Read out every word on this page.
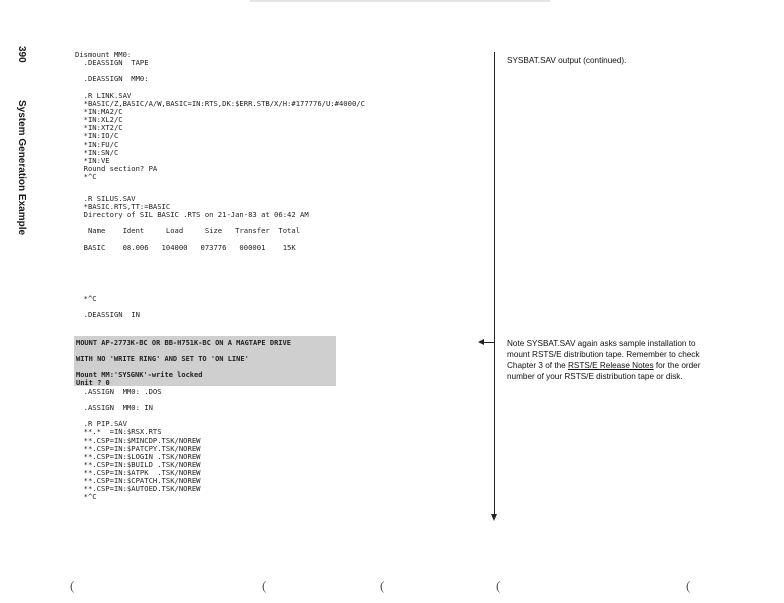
390
System Generation Example
Dismount MM0:
.DEASSIGN  TAPE

.DEASSIGN  MM0:
.R LINK.SAV
*BASIC/Z,BASIC/A/W,BASIC=IN:RTS,DK:$ERR.STB/X/H:#177776/U:#4000/C
*IN:MA2/C
*IN:XL2/C
*IN:XT2/C
*IN:IO/C
*IN:FU/C
*IN:SN/C
*IN:VE
Round section? PA
*^C
.R SILUS.SAV
*BASIC.RTS,TT:=BASIC
Directory of SIL BASIC .RTS on 21-Jan-83 at 06:42 AM

Name    Ident     Load     Size   Transfer  Total

BASIC    08.006   104000   073776   000001    15K
*^C

.DEASSIGN  IN
MOUNT AP-2773K-BC OR BB-H751K-BC ON A MAGTAPE DRIVE

WITH NO 'WRITE RING' AND SET TO 'ON LINE'

Mount MM:'SYSGNK'-write locked
Unit ? 0
.ASSIGN  MM0: .DOS

.ASSIGN  MM0: IN

.R PIP.SAV
**.*  =IN:$RSX.RTS
**.CSP=IN:$MINCDP.TSK/NOREW
**.CSP=IN:$PATCPY.TSK/NOREW
**.CSP=IN:$LOGIN .TSK/NOREW
**.CSP=IN:$BUILD .TSK/NOREW
**.CSP=IN:$ATPK  .TSK/NOREW
**.CSP=IN:$CPATCH.TSK/NOREW
**.CSP=IN:$AUTOED.TSK/NOREW
*^C
SYSBAT.SAV output (continued).
Note SYSBAT.SAV again asks sample installation to mount RSTS/E distribution tape. Remember to check Chapter 3 of the RSTS/E Release Notes for the order number of your RSTS/E distribution tape or disk.
(	(	(	(	(
